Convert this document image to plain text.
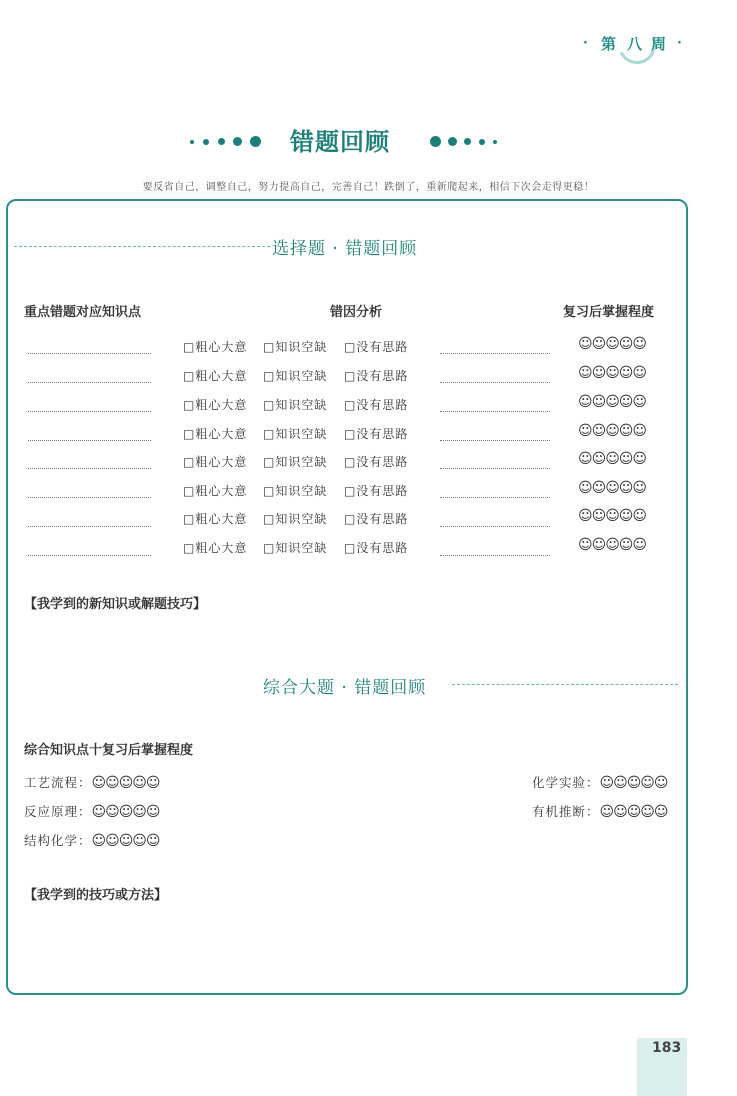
· 第 八 周 ·
错题回顾
要反省自己，调整自己，努力提高自己，完善自己！跌倒了，重新爬起来，相信下次会走得更稳！
选择题 · 错题回顾
重点错题对应知识点	错因分析	复习后掌握程度
□粗心大意 □知识空缺 □没有思路	☺☺☺☺☺
□粗心大意 □知识空缺 □没有思路	☺☺☺☺☺
□粗心大意 □知识空缺 □没有思路	☺☺☺☺☺
□粗心大意 □知识空缺 □没有思路	☺☺☺☺☺
□粗心大意 □知识空缺 □没有思路	☺☺☺☺☺
□粗心大意 □知识空缺 □没有思路	☺☺☺☺☺
□粗心大意 □知识空缺 □没有思路	☺☺☺☺☺
□粗心大意 □知识空缺 □没有思路	☺☺☺☺☺
【我学到的新知识或解题技巧】
综合大题 · 错题回顾
综合知识点十复习后掌握程度
工艺流程：☺☺☺☺☺	化学实验：☺☺☺☺☺
反应原理：☺☺☺☺☺	有机推断：☺☺☺☺☺
结构化学：☺☺☺☺☺
【我学到的技巧或方法】
183
